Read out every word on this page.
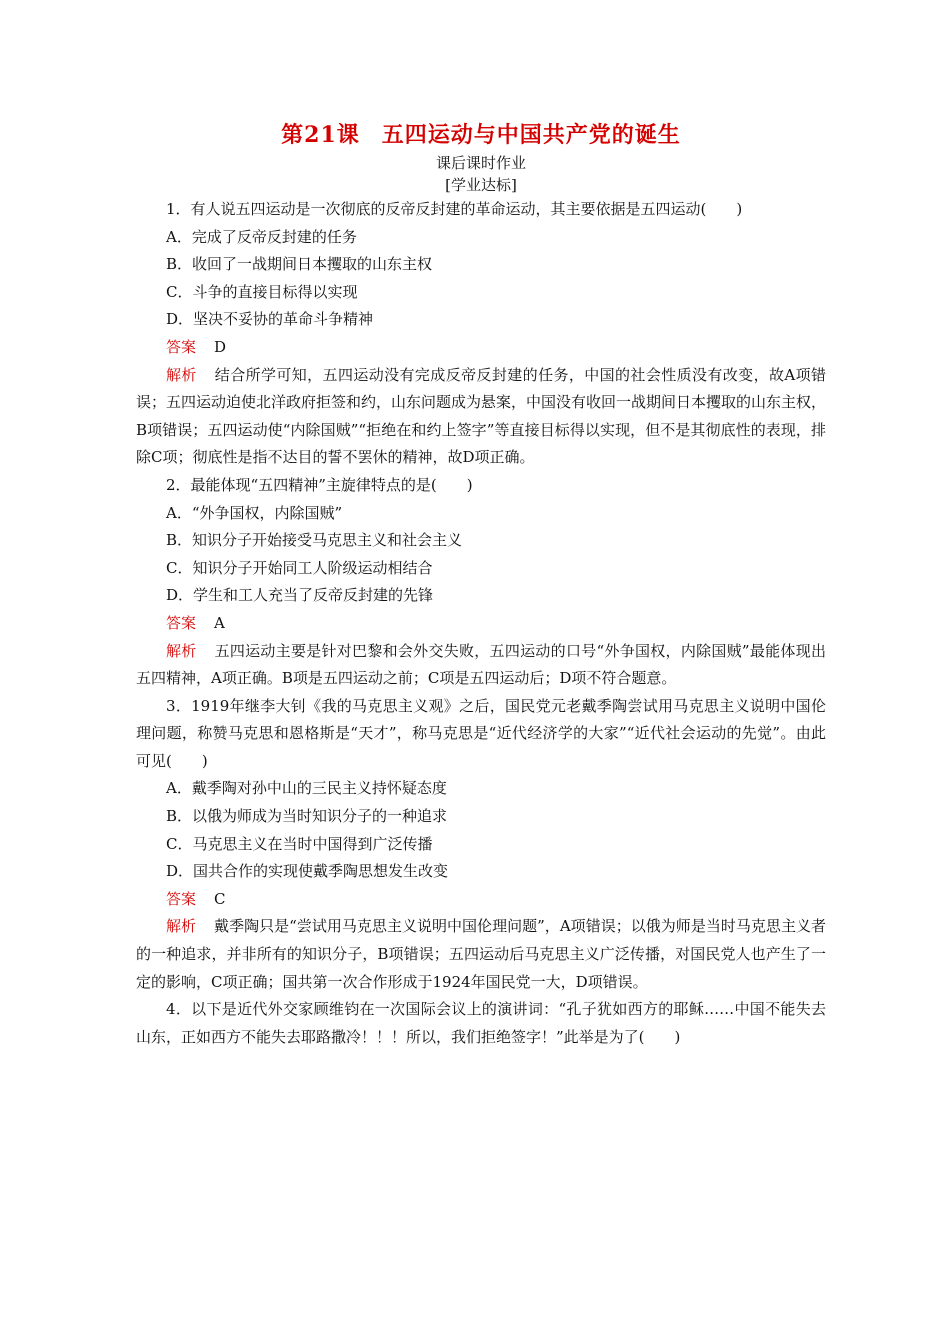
第21课 五四运动与中国共产党的诞生

课后课时作业

[学业达标]

1．有人说五四运动是一次彻底的反帝反封建的革命运动，其主要依据是五四运动(　　)

A．完成了反帝反封建的任务

B．收回了一战期间日本攫取的山东主权

C．斗争的直接目标得以实现

D．坚决不妥协的革命斗争精神

答案 D

解析 结合所学可知，五四运动没有完成反帝反封建的任务，中国的社会性质没有改变，故A项错误；五四运动迫使北洋政府拒签和约，山东问题成为悬案，中国没有收回一战期间日本攫取的山东主权，B项错误；五四运动使“内除国贼”“拒绝在和约上签字”等直接目标得以实现，但不是其彻底性的表现，排除C项；彻底性是指不达目的誓不罢休的精神，故D项正确。

2．最能体现“五四精神”主旋律特点的是(　　)

A．“外争国权，内除国贼”

B．知识分子开始接受马克思主义和社会主义

C．知识分子开始同工人阶级运动相结合

D．学生和工人充当了反帝反封建的先锋

答案 A

解析 五四运动主要是针对巴黎和会外交失败，五四运动的口号“外争国权，内除国贼”最能体现出五四精神，A项正确。B项是五四运动之前；C项是五四运动后；D项不符合题意。

3．1919年继李大钊《我的马克思主义观》之后，国民党元老戴季陶尝试用马克思主义说明中国伦理问题，称赞马克思和恩格斯是“天才”，称马克思是“近代经济学的大家”“近代社会运动的先觉”。由此可见(　　)

A．戴季陶对孙中山的三民主义持怀疑态度

B．以俄为师成为当时知识分子的一种追求

C．马克思主义在当时中国得到广泛传播

D．国共合作的实现使戴季陶思想发生改变

答案 C

解析 戴季陶只是“尝试用马克思主义说明中国伦理问题”，A项错误；以俄为师是当时马克思主义者的一种追求，并非所有的知识分子，B项错误；五四运动后马克思主义广泛传播，对国民党人也产生了一定的影响，C项正确；国共第一次合作形成于1924年国民党一大，D项错误。

4．以下是近代外交家顾维钧在一次国际会议上的演讲词：“孔子犹如西方的耶稣……中国不能失去山东，正如西方不能失去耶路撒冷！！！所以，我们拒绝签字！”此举是为了(　　)
